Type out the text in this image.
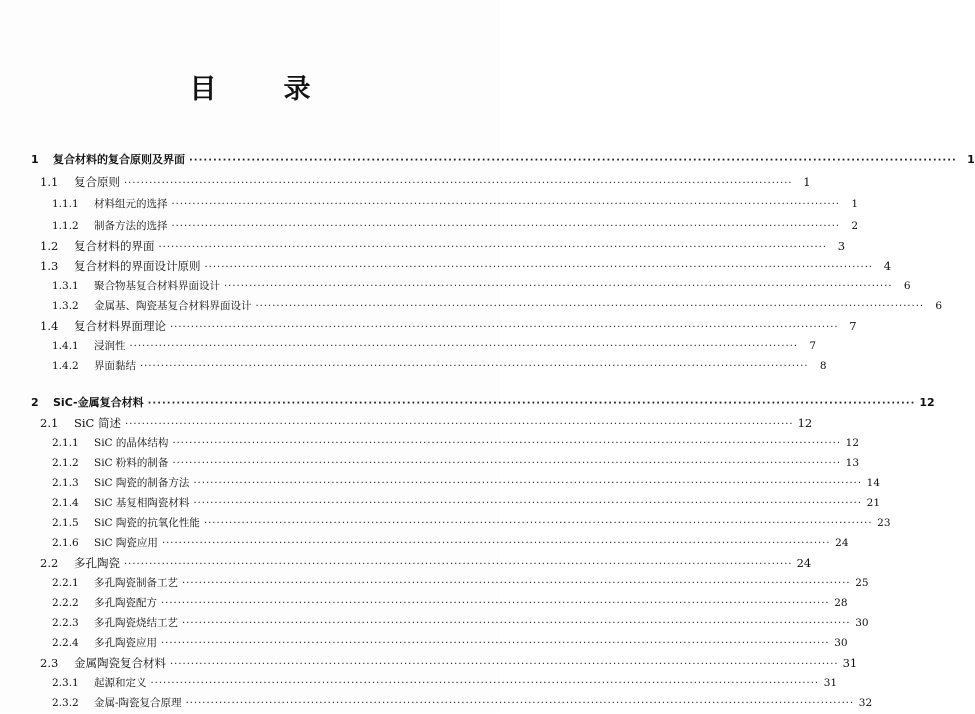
目　录
1	复合材料的复合原则及界面 ································································································································································ 1
1.1	复合原则 ································································································································································ 1
1.1.1	材料组元的选择 ································································································································································	1
1.1.2	制备方法的选择 ································································································································································	2
1.2	复合材料的界面 ································································································································································ 3
1.3	复合材料的界面设计原则 ································································································································································ 4
1.3.1	聚合物基复合材料界面设计 ································································································································································	6
1.3.2	金属基、陶瓷基复合材料界面设计 ································································································································································	6
1.4	复合材料界面理论 ································································································································································ 7
1.4.1	浸润性 ································································································································································	7
1.4.2	界面黏结 ································································································································································	8
2	SiC-金属复合材料 ································································································································································ 12
2.1	SiC 简述 ································································································································································ 12
2.1.1	SiC 的晶体结构 ································································································································································ 12
2.1.2	SiC 粉料的制备 ································································································································································ 13
2.1.3	SiC 陶瓷的制备方法 ································································································································································ 14
2.1.4	SiC 基复相陶瓷材料 ································································································································································ 21
2.1.5	SiC 陶瓷的抗氧化性能 ································································································································································ 23
2.1.6	SiC 陶瓷应用 ································································································································································ 24
2.2	多孔陶瓷 ································································································································································ 24
2.2.1	多孔陶瓷制备工艺 ································································································································································ 25
2.2.2	多孔陶瓷配方 ································································································································································ 28
2.2.3	多孔陶瓷烧结工艺 ································································································································································ 30
2.2.4	多孔陶瓷应用 ································································································································································ 30
2.3	金属陶瓷复合材料 ································································································································································ 31
2.3.1	起源和定义 ································································································································································ 31
2.3.2	金属-陶瓷复合原理 ································································································································································ 32
